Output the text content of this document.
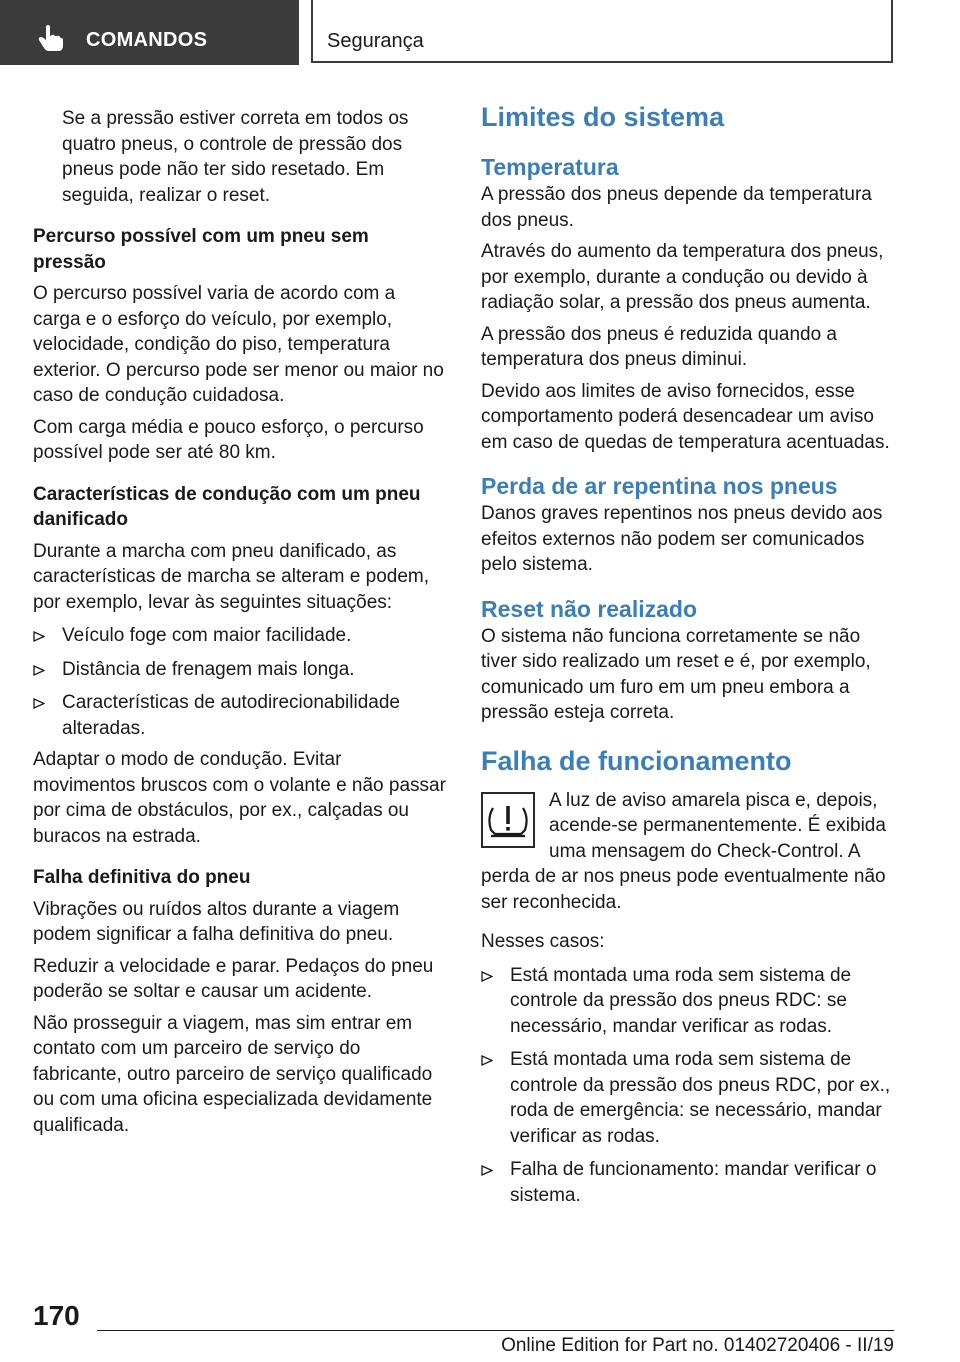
COMANDOS	Segurança

Se a pressão estiver correta em todos os quatro pneus, o controle de pressão dos pneus pode não ter sido resetado. Em seguida, realizar o reset.

Percurso possível com um pneu sem pressão

O percurso possível varia de acordo com a carga e o esforço do veículo, por exemplo, velocidade, condição do piso, temperatura exterior. O percurso pode ser menor ou maior no caso de condução cuidadosa.

Com carga média e pouco esforço, o percurso possível pode ser até 80 km.

Características de condução com um pneu danificado

Durante a marcha com pneu danificado, as características de marcha se alteram e podem, por exemplo, levar às seguintes situações:

Veículo foge com maior facilidade.
Distância de frenagem mais longa.
Características de autodirecionabilidade alteradas.

Adaptar o modo de condução. Evitar movimentos bruscos com o volante e não passar por cima de obstáculos, por ex., calçadas ou buracos na estrada.

Falha definitiva do pneu

Vibrações ou ruídos altos durante a viagem podem significar a falha definitiva do pneu.

Reduzir a velocidade e parar. Pedaços do pneu poderão se soltar e causar um acidente.

Não prosseguir a viagem, mas sim entrar em contato com um parceiro de serviço do fabricante, outro parceiro de serviço qualificado ou com uma oficina especializada devidamente qualificada.

Limites do sistema
Temperatura

A pressão dos pneus depende da temperatura dos pneus.

Através do aumento da temperatura dos pneus, por exemplo, durante a condução ou devido à radiação solar, a pressão dos pneus aumenta.

A pressão dos pneus é reduzida quando a temperatura dos pneus diminui.

Devido aos limites de aviso fornecidos, esse comportamento poderá desencadear um aviso em caso de quedas de temperatura acentuadas.

Perda de ar repentina nos pneus

Danos graves repentinos nos pneus devido aos efeitos externos não podem ser comunicados pelo sistema.

Reset não realizado

O sistema não funciona corretamente se não tiver sido realizado um reset e é, por exemplo, comunicado um furo em um pneu embora a pressão esteja correta.

Falha de funcionamento

A luz de aviso amarela pisca e, depois, acende-se permanentemente. É exibida uma mensagem do Check-Control. A perda de ar nos pneus pode eventualmente não ser reconhecida.

Nesses casos:

Está montada uma roda sem sistema de controle da pressão dos pneus RDC: se necessário, mandar verificar as rodas.
Está montada uma roda sem sistema de controle da pressão dos pneus RDC, por ex., roda de emergência: se necessário, mandar verificar as rodas.
Falha de funcionamento: mandar verificar o sistema.
170
Online Edition for Part no. 01402720406 - II/19
